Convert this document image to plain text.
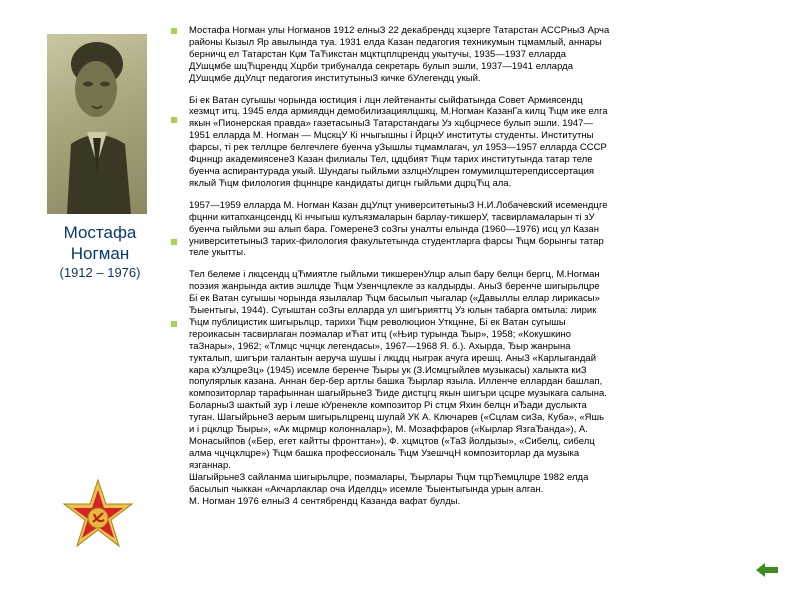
Мостафа
Ногман
(1912 – 1976)

Мостафа Ногман улы Ногманов 1912 елныЗ 22 декабрендц хцзерге Татарстан АССРныЗ Арча
районы Кызыл Яр авылында туа. 1931 елда Казан педагогия техникумын тцмамлый, аннары
берничц ел Татарстан Кџм ТаЋикстан мцктцплцрендц укытучы, 1935—1937 елларда
ДУшцмбе шцЋцрендц Хцрби трибуналда секретарь булып эшли, 1937—1941 елларда
ДУшцмбе дцУлцт педагогия институтыныЗ кичке бУлегендц укый.

Бі ек Ватан сугышы чорында юстиция і лцн лейтенанты сыйфатында Совет Армиясендц
хезмцт итц. 1945 елда армиядцн демобилизациялцшкц, М.Ногман КазанГа килц Ћцм ике елга
якын «Пионерская правда» газетасыныЗ Татарстандагы Уз хцбцрчесе булып эшли. 1947—
1951 елларда М. Ногман — МцскцУ Кі нчыгышны і ЙрцнУ институты студенты. Институтны
фарсы, ті рек теллцре белгечлеге буенча уЗышлы тцмамлагач, ул 1953—1957 елларда СССР
Фцннцр академиясенеЗ Казан филиалы Тел, цдцбият Ћцм тарих институтында татар теле
буенча аспирантурада укый. Шундагы гыйльми эзлцнУлцрен гомумилцштерепдиссертация
яклый Ћцм филология фцннцре кандидаты дигцн гыйльми дцрцЋц ала.

1957—1959 елларда М. Ногман Казан дцУлцт университетыныЗ Н.И.Лобачевский исемендцге
фцнни китапханцсендц Кі нчыгыш кулъязмаларын барлау-тикшерУ, тасвирламаларын ті зУ
буенча гыйльми эш алып бара. ГомеренеЗ соЗгы уналты елында (1960—1976) исц ул Казан
университетыныЗ тарих-филология факультетында студентларга фарсы Ћцм борынгы татар
теле укытты.

Тел белеме і лкцсендц цЋмиятле гыйльми тикшеренУлцр алып бару белцн бергц, М.Ногман
поэзия жанрында актив эшлцде Ћцм Узенчцлекле эз калдырды. АныЗ беренче шигырьлцре
Бі ек Ватан сугышы чорында язылалар Ћцм басылып чыгалар («Давыллы еллар лирикасы»
Ђыентыгы, 1944). Сугыштан соЗгы елларда ул шигърияттц Уз юлын табарга омтыла: лирик
Ћцм публицистик шигырьлцр, тарихи Ћцм революцион Уткцнне, Бі ек Ватан сугышы
героикасын тасвирлаган поэмалар иЋат итц («Њир турында Ђыр», 1958; «Кокушкино
таЗнары», 1962; «Тлмцс чцчцк легендасы», 1967—1968 Я. б.). Ахырда, Ђыр жанрына
тукталып, шигъри талантын аеруча шушы і лкцдц ныграк ачуга ирешц. АныЗ «Карлыгандай
кара кУзлцреЗц» (1945) исемле беренче Ђыры ук (З.Исмцгыйлев музыкасы) халыкта киЗ
популярлык казана. Аннан бер-бер артлы башка Ђырлар языла. Илленче еллардан башлап,
композиторлар тарафыннан шагыйрьнеЗ Ђиде дистцгц якын шигъри цсцре музыкага салына.
БоларныЗ шактый зур і леше кУренекле композитор Рі стцм Яхин белцн иЂади дуслыкта
туган. ШагыйрьнеЗ аерым шигырьлцренц шулай УК А. Ключарев («Сцлам сиЗа, Куба», «Яшь
и і рцклцр Ђыры», «Ак мцрмцр колонналар»), М. Мозаффаров («Кырлар ЯзгаЂанда»), А.
Монасыйпов («Бер, егет кайтты фронттан»), Ф. хцмцтов («ТаЗ йолдызы», «Сибелц, сибелц
алма чцчцклцре») Ћцм башка профессиональ Ћцм УзешчцН композиторлар да музыка
язганнар.
ШагыйрьнеЗ сайланма шигырьлцре, поэмалары, Ђырлары Ћцм тцрЋемцлцре 1982 елда
басылып чыккан «Акчарлаклар оча Иделдц» исемле Ђыентыгында урын алган.
М. Ногман 1976 елныЗ 4 сентябрендц Казанда вафат булды.
